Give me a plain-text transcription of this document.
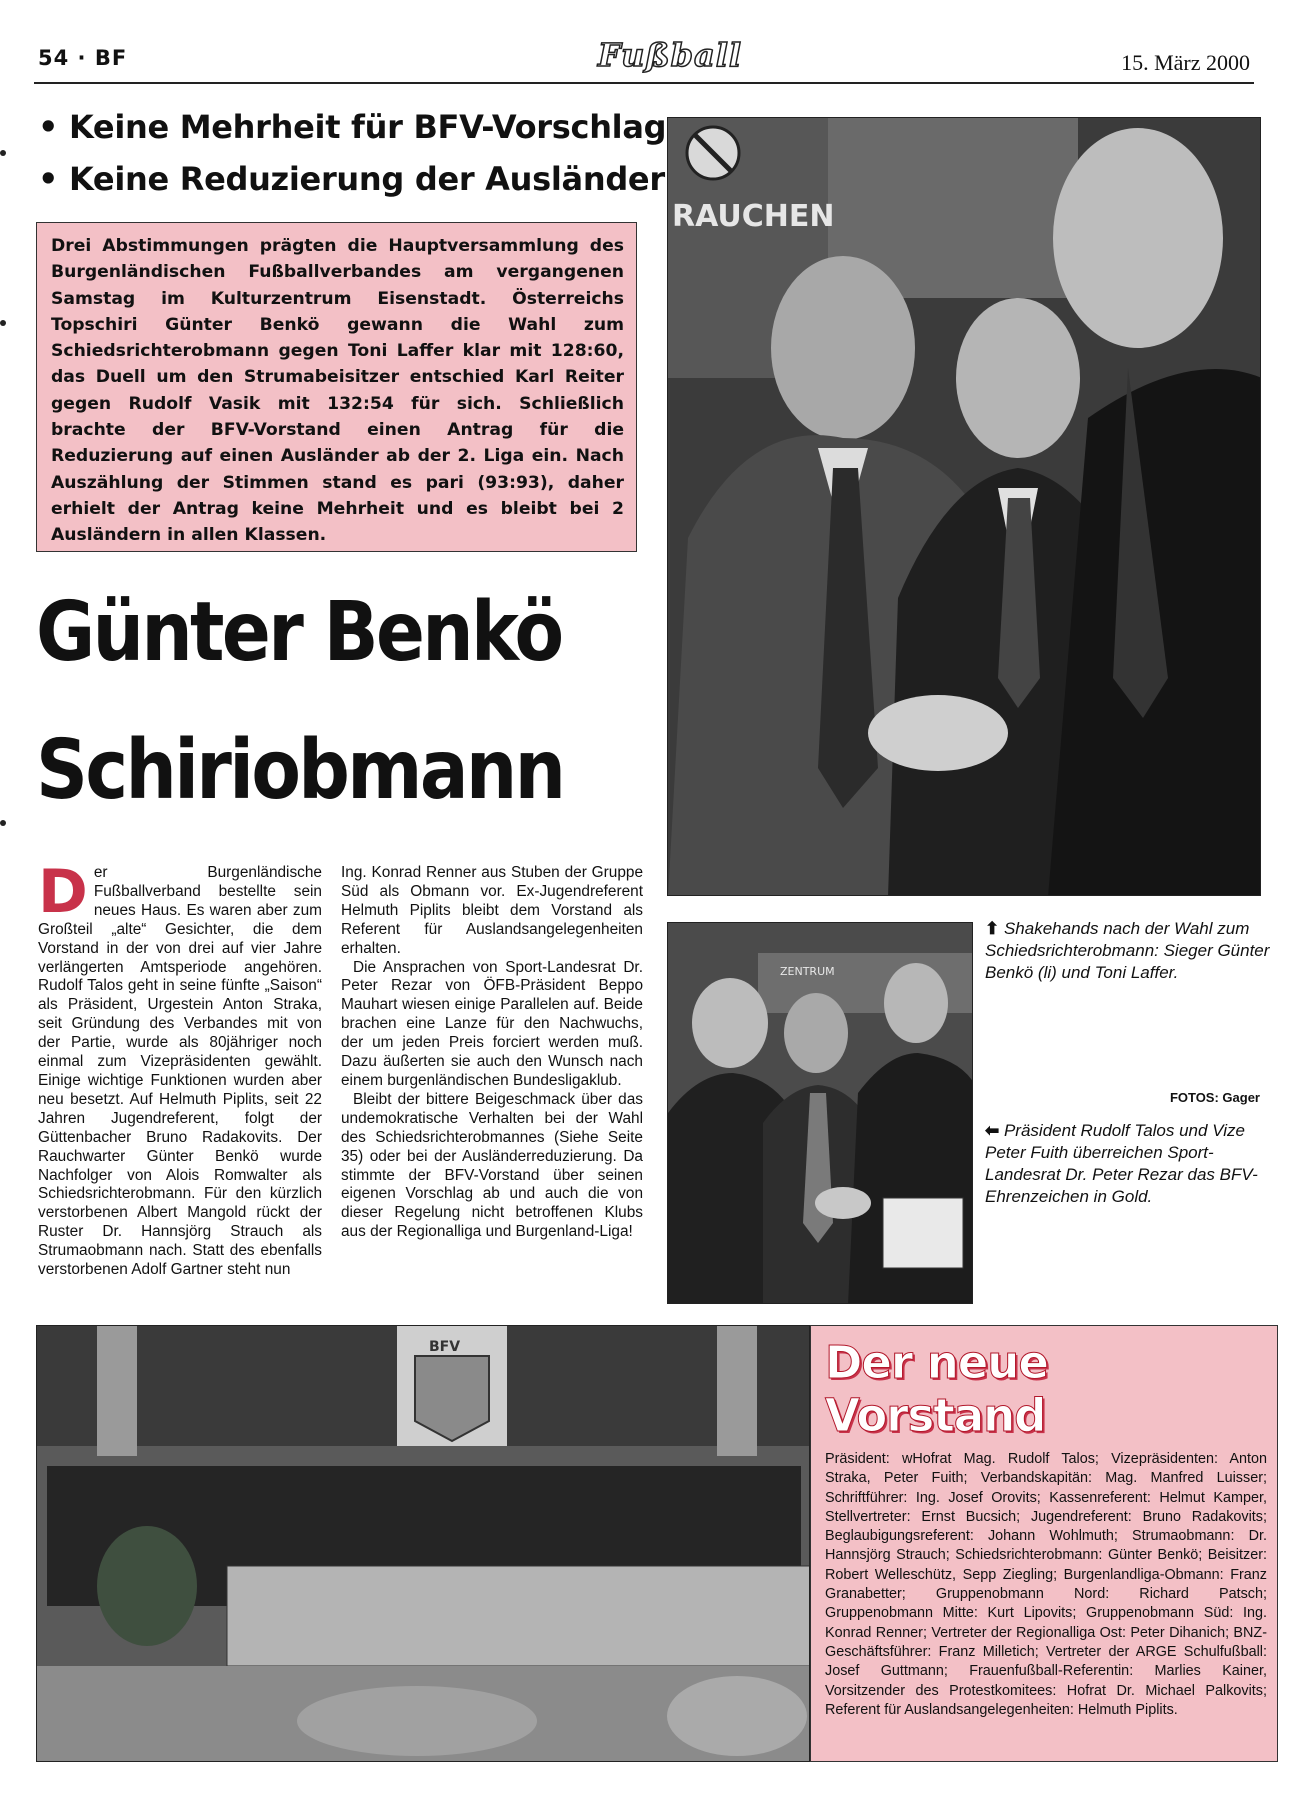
54 · BF	Fußball	15. März 2000
• Keine Mehrheit für BFV-Vorschlag
• Keine Reduzierung der Ausländer
Drei Abstimmungen prägten die Hauptversammlung des Burgenländischen Fußballverbandes am vergangenen Samstag im Kulturzentrum Eisenstadt. Österreichs Topschiri Günter Benkö gewann die Wahl zum Schiedsrichterobmann gegen Toni Laffer klar mit 128:60, das Duell um den Strumabeisitzer entschied Karl Reiter gegen Rudolf Vasik mit 132:54 für sich. Schließlich brachte der BFV-Vorstand einen Antrag für die Reduzierung auf einen Ausländer ab der 2. Liga ein. Nach Auszählung der Stimmen stand es pari (93:93), daher erhielt der Antrag keine Mehrheit und es bleibt bei 2 Ausländern in allen Klassen.
RAUCHEN
Günter Benkö
Schiriobmann
Der Burgenländische Fußballverband bestellte sein neues Haus. Es waren aber zum Großteil „alte“ Gesichter, die dem Vorstand in der von drei auf vier Jahre verlängerten Amtsperiode angehören. Rudolf Talos geht in seine fünfte „Saison“ als Präsident, Urgestein Anton Straka, seit Gründung des Verbandes mit von der Partie, wurde als 80jähriger noch einmal zum Vizepräsidenten gewählt. Einige wichtige Funktionen wurden aber neu besetzt. Auf Helmuth Piplits, seit 22 Jahren Jugendreferent, folgt der Güttenbacher Bruno Radakovits. Der Rauchwarter Günter Benkö wurde Nachfolger von Alois Romwalter als Schiedsrichterobmann. Für den kürzlich verstorbenen Albert Mangold rückt der Ruster Dr. Hannsjörg Strauch als Strumaobmann nach. Statt des ebenfalls verstorbenen Adolf Gartner steht nun
Ing. Konrad Renner aus Stuben der Gruppe Süd als Obmann vor. Ex-Jugendreferent Helmuth Piplits bleibt dem Vorstand als Referent für Auslandsangelegenheiten erhalten.
Die Ansprachen von Sport-Landesrat Dr. Peter Rezar von ÖFB-Präsident Beppo Mauhart wiesen einige Parallelen auf. Beide brachen eine Lanze für den Nachwuchs, der um jeden Preis forciert werden muß. Dazu äußerten sie auch den Wunsch nach einem burgenländischen Bundesligaklub.
Bleibt der bittere Beigeschmack über das undemokratische Verhalten bei der Wahl des Schiedsrichterobmannes (Siehe Seite 35) oder bei der Ausländerreduzierung. Da stimmte der BFV-Vorstand über seinen eigenen Vorschlag ab und auch die von dieser Regelung nicht betroffenen Klubs aus der Regionalliga und Burgenland-Liga!
ZENTRUM
⬆ Shakehands nach der Wahl zum Schiedsrichterobmann: Sieger Günter Benkö (li) und Toni Laffer.
FOTOS: Gager
⬅ Präsident Rudolf Talos und Vize Peter Fuith überreichen Sport-Landesrat Dr. Peter Rezar das BFV-Ehrenzeichen in Gold.
BFV	Der neue Vorstand
Präsident: wHofrat Mag. Rudolf Talos; Vizepräsidenten: Anton Straka, Peter Fuith; Verbandskapitän: Mag. Manfred Luisser; Schriftführer: Ing. Josef Orovits; Kassenreferent: Helmut Kamper, Stellvertreter: Ernst Bucsich; Jugendreferent: Bruno Radakovits; Beglaubigungsreferent: Johann Wohlmuth; Strumaobmann: Dr. Hannsjörg Strauch; Schiedsrichterobmann: Günter Benkö; Beisitzer: Robert Welleschütz, Sepp Ziegling; Burgenlandliga-Obmann: Franz Granabetter; Gruppenobmann Nord: Richard Patsch; Gruppenobmann Mitte: Kurt Lipovits; Gruppenobmann Süd: Ing. Konrad Renner; Vertreter der Regionalliga Ost: Peter Dihanich; BNZ-Geschäftsführer: Franz Milletich; Vertreter der ARGE Schulfußball: Josef Guttmann; Frauenfußball-Referentin: Marlies Kainer, Vorsitzender des Protestkomitees: Hofrat Dr. Michael Palkovits; Referent für Auslandsangelegenheiten: Helmuth Piplits.
